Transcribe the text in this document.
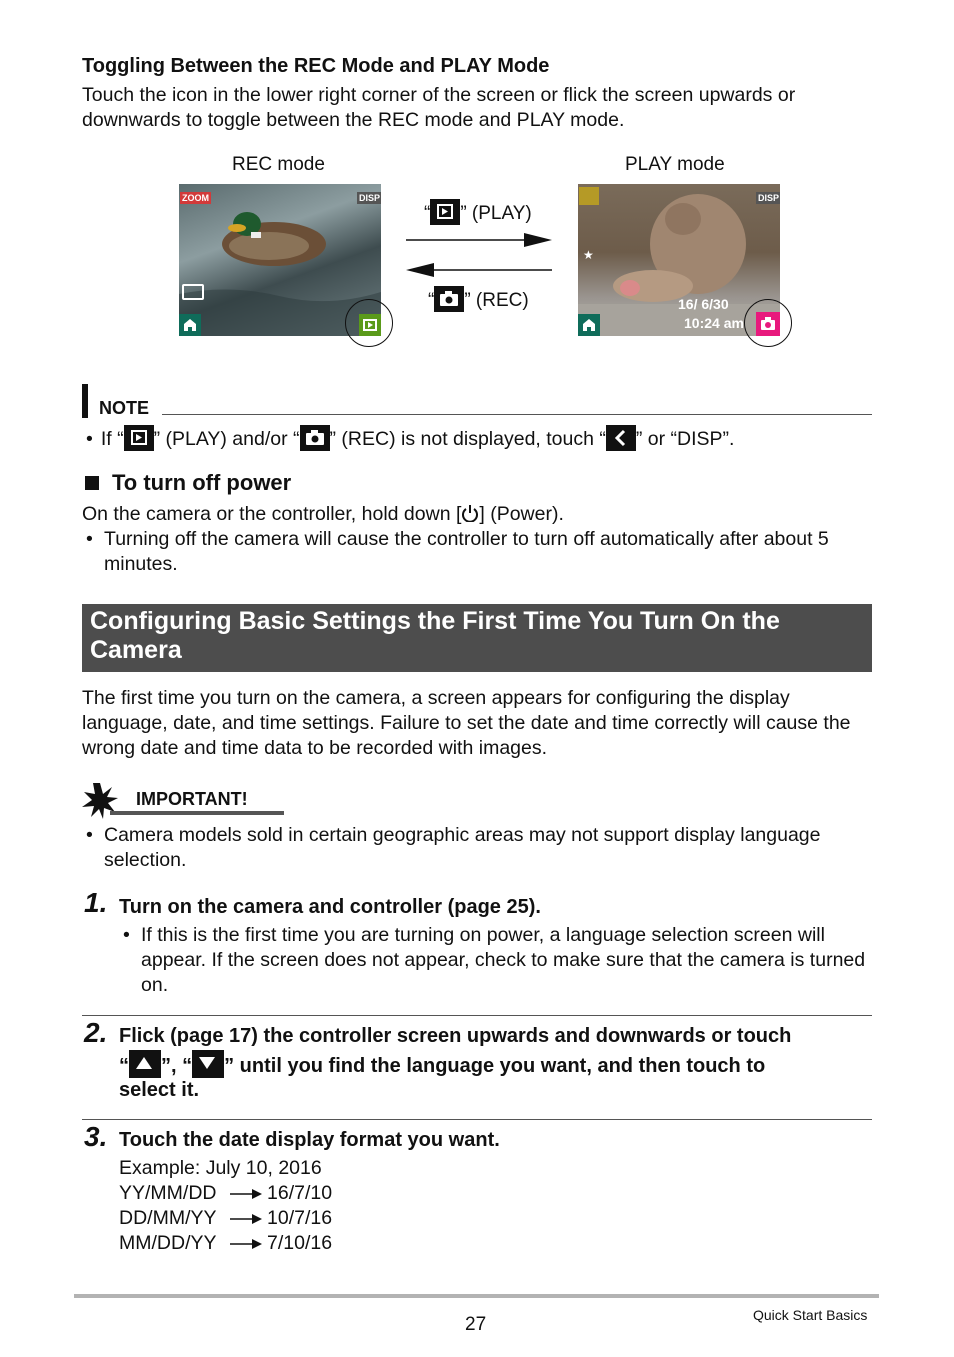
Toggling Between the REC Mode and PLAY Mode
Touch the icon in the lower right corner of the screen or flick the screen upwards or downwards to toggle between the REC mode and PLAY mode.
REC mode	PLAY mode
ZOOM	DISP
“ ” (PLAY)
“ ” (REC)
DISP
★
16/ 6/30
10:24 am
NOTE
• If “ ” (PLAY) and/or “ ” (REC) is not displayed, touch “ ” or “DISP”.
To turn off power
On the camera or the controller, hold down [ ] (Power).
• Turning off the camera will cause the controller to turn off automatically after about 5 minutes.
Configuring Basic Settings the First Time You Turn On the Camera
The first time you turn on the camera, a screen appears for configuring the display language, date, and time settings. Failure to set the date and time correctly will cause the wrong date and time data to be recorded with images.
IMPORTANT!
• Camera models sold in certain geographic areas may not support display language selection.
1. Turn on the camera and controller (page 25).
• If this is the first time you are turning on power, a language selection screen will appear. If the screen does not appear, check to make sure that the camera is turned on.
2. Flick (page 17) the controller screen upwards and downwards or touch
“ ”, “ ” until you find the language you want, and then touch to
select it.
3. Touch the date display format you want.
Example: July 10, 2016
YY/MM/DD	16/7/10
DD/MM/YY	10/7/16
MM/DD/YY	7/10/16
27	Quick Start Basics
